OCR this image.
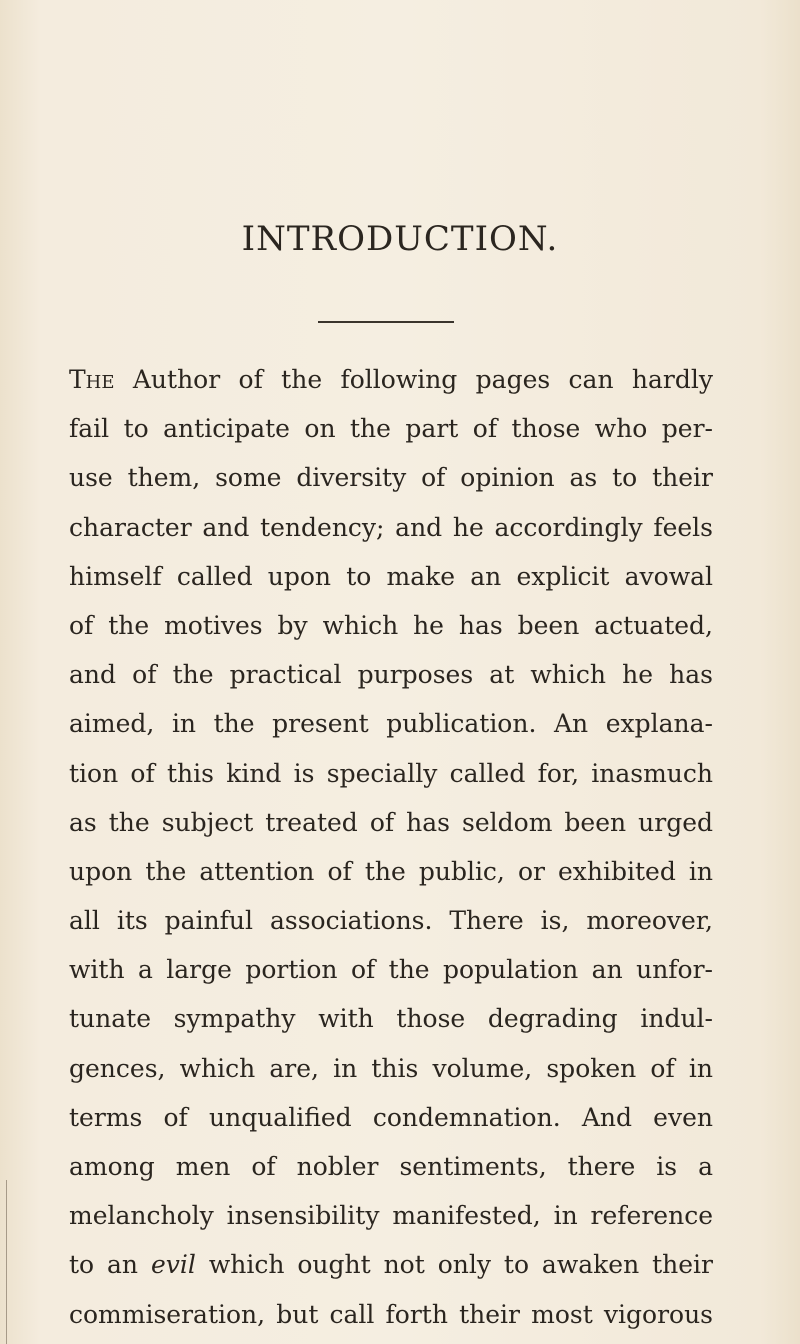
INTRODUCTION.
The Author of the following pages can hardly
fail to anticipate on the part of those who per-
use them, some diversity of opinion as to their
character and tendency; and he accordingly feels
himself called upon to make an explicit avowal
of the motives by which he has been actuated,
and of the practical purposes at which he has
aimed, in the present publication. An explana-
tion of this kind is specially called for, inasmuch
as the subject treated of has seldom been urged
upon the attention of the public, or exhibited in
all its painful associations. There is, moreover,
with a large portion of the population an unfor-
tunate sympathy with those degrading indul-
gences, which are, in this volume, spoken of in
terms of unqualified condemnation. And even
among men of nobler sentiments, there is a
melancholy insensibility manifested, in reference
to an evil which ought not only to awaken their
commiseration, but call forth their most vigorous
